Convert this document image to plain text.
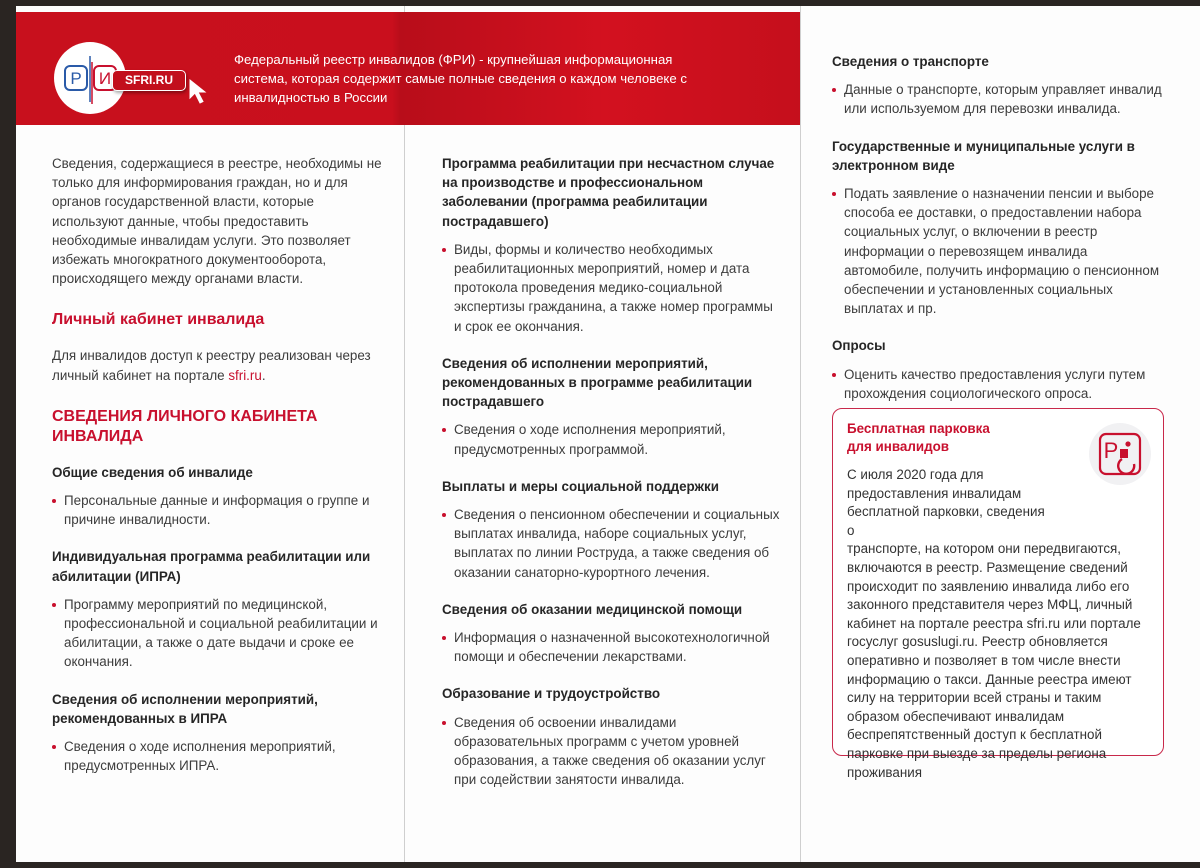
Р И	SFRI.RU
Федеральный реестр инвалидов (ФРИ) - крупнейшая информационная система, которая содержит самые полные сведения о каждом человеке с инвалидностью в России

Сведения, содержащиеся в реестре, необходимы не только для информирования граждан, но и для органов государственной власти, которые используют данные, чтобы предоставить необходимые инвалидам услуги. Это позволяет избежать многократного документооборота, происходящего между органами власти.

Личный кабинет инвалида

Для инвалидов доступ к реестру реализован через личный кабинет на портале sfri.ru.

СВЕДЕНИЯ ЛИЧНОГО КАБИНЕТА ИНВАЛИДА
Общие сведения об инвалиде
Персональные данные и информация о группе и причине инвалидности.
Индивидуальная программа реабилитации или абилитации (ИПРА)
Программу мероприятий по медицинской, профессиональной и социальной реабилитации и абилитации, а также о дате выдачи и сроке ее окончания.
Сведения об исполнении мероприятий, рекомендованных в ИПРА
Сведения о ходе исполнения мероприятий, предусмотренных ИПРА.
Программа реабилитации при несчастном случае на производстве и профессиональном заболевании (программа реабилитации пострадавшего)
Виды, формы и количество необходимых реабилитационных мероприятий, номер и дата протокола проведения медико-социальной экспертизы гражданина, а также номер программы и срок ее окончания.
Сведения об исполнении мероприятий, рекомендованных в программе реабилитации пострадавшего
Сведения о ходе исполнения мероприятий, предусмотренных программой.
Выплаты и меры социальной поддержки
Сведения о пенсионном обеспечении и социальных выплатах инвалида, наборе социальных услуг, выплатах по линии Роструда, а также сведения об оказании санаторно-курортного лечения.
Сведения об оказании медицинской помощи
Информация о назначенной высокотехнологичной помощи и обеспечении лекарствами.
Образование и трудоустройство
Сведения об освоении инвалидами образовательных программ с учетом уровней образования, а также сведения об оказании услуг при содействии занятости инвалида.
Сведения о транспорте
Данные о транспорте, которым управляет инвалид или используемом для перевозки инвалида.
Государственные и муниципальные услуги в электронном виде
Подать заявление о назначении пенсии и выборе способа ее доставки, о предоставлении набора социальных услуг, о включении в реестр информации о перевозящем инвалида автомобиле, получить информацию о пенсионном обеспечении и установленных социальных выплатах и пр.
Опросы
Оценить качество предоставления услуги путем прохождения социологического опроса.
Бесплатная парковка
для инвалидов	P
С июля 2020 года для предоставления инвалидам бесплатной парковки, сведения о
транспорте, на котором они передвигаются, включаются в реестр. Размещение сведений происходит по заявлению инвалида либо его законного представителя через МФЦ, личный кабинет на портале реестра sfri.ru или портале госуслуг gosuslugi.ru. Реестр обновляется оперативно и позволяет в том числе внести информацию о такси. Данные реестра имеют силу на территории всей страны и таким образом обеспечивают инвалидам беспрепятственный доступ к бесплатной парковке при выезде за пределы региона проживания
